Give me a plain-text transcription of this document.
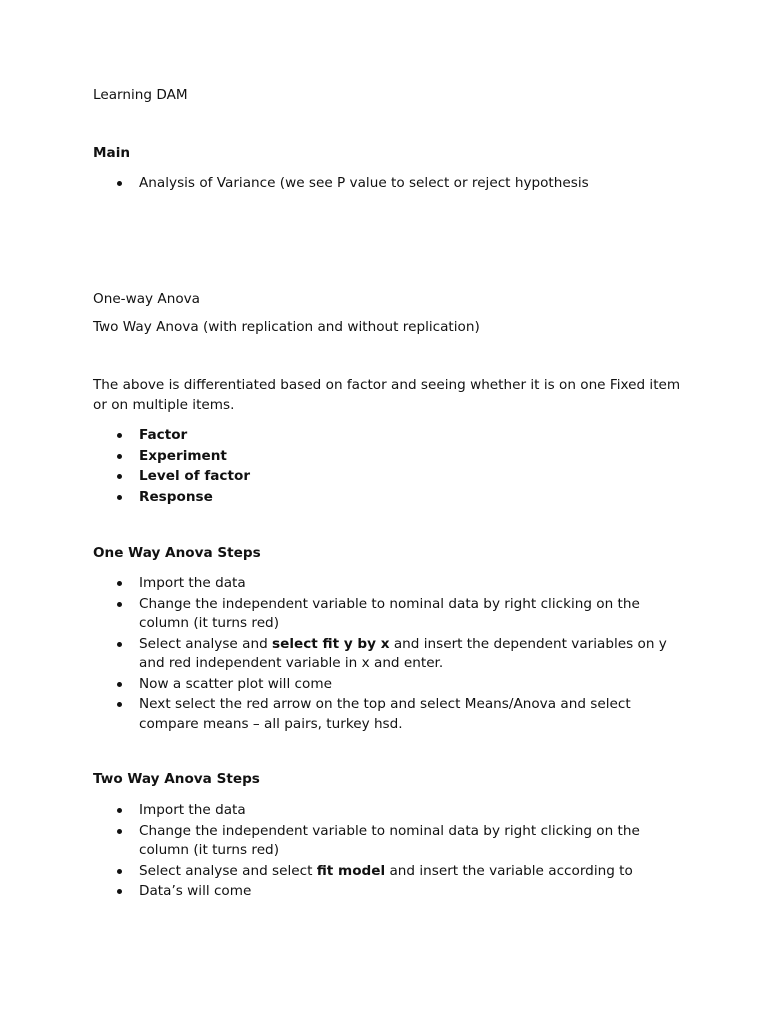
Learning DAM

Main

Analysis of Variance (we see P value to select or reject hypothesis

One-way Anova

Two Way Anova (with replication and without replication)

The above is differentiated based on factor and seeing whether it is on one Fixed item or on multiple items.

Factor
Experiment
Level of factor
Response

One Way Anova Steps

Import the data
Change the independent variable to nominal data by right clicking on the column (it turns red)
Select analyse and select fit y by x and insert the dependent variables on y and red independent variable in x and enter.
Now a scatter plot will come
Next select the red arrow on the top and select Means/Anova and select compare means – all pairs, turkey hsd.

Two Way Anova Steps

Import the data
Change the independent variable to nominal data by right clicking on the column (it turns red)
Select analyse and select fit model and insert the variable according to
Data’s will come
